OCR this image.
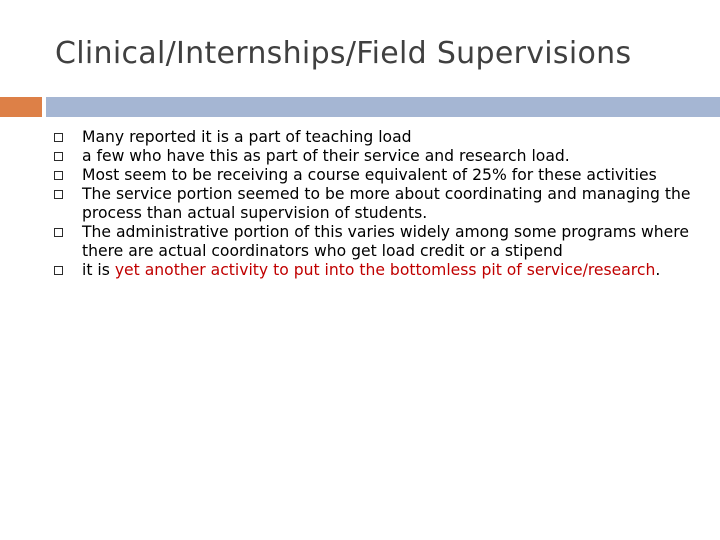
Clinical/Internships/Field Supervisions
Many reported it is a part of teaching load
a few who have this as part of their service and research load.
Most seem to be receiving a course equivalent of 25% for these activities
The service portion seemed to be more about coordinating and managing the process than actual supervision of students.
The administrative portion of this varies widely among some programs where there are actual coordinators who get load credit or a stipend
it is yet another activity to put into the bottomless pit of service/research.
